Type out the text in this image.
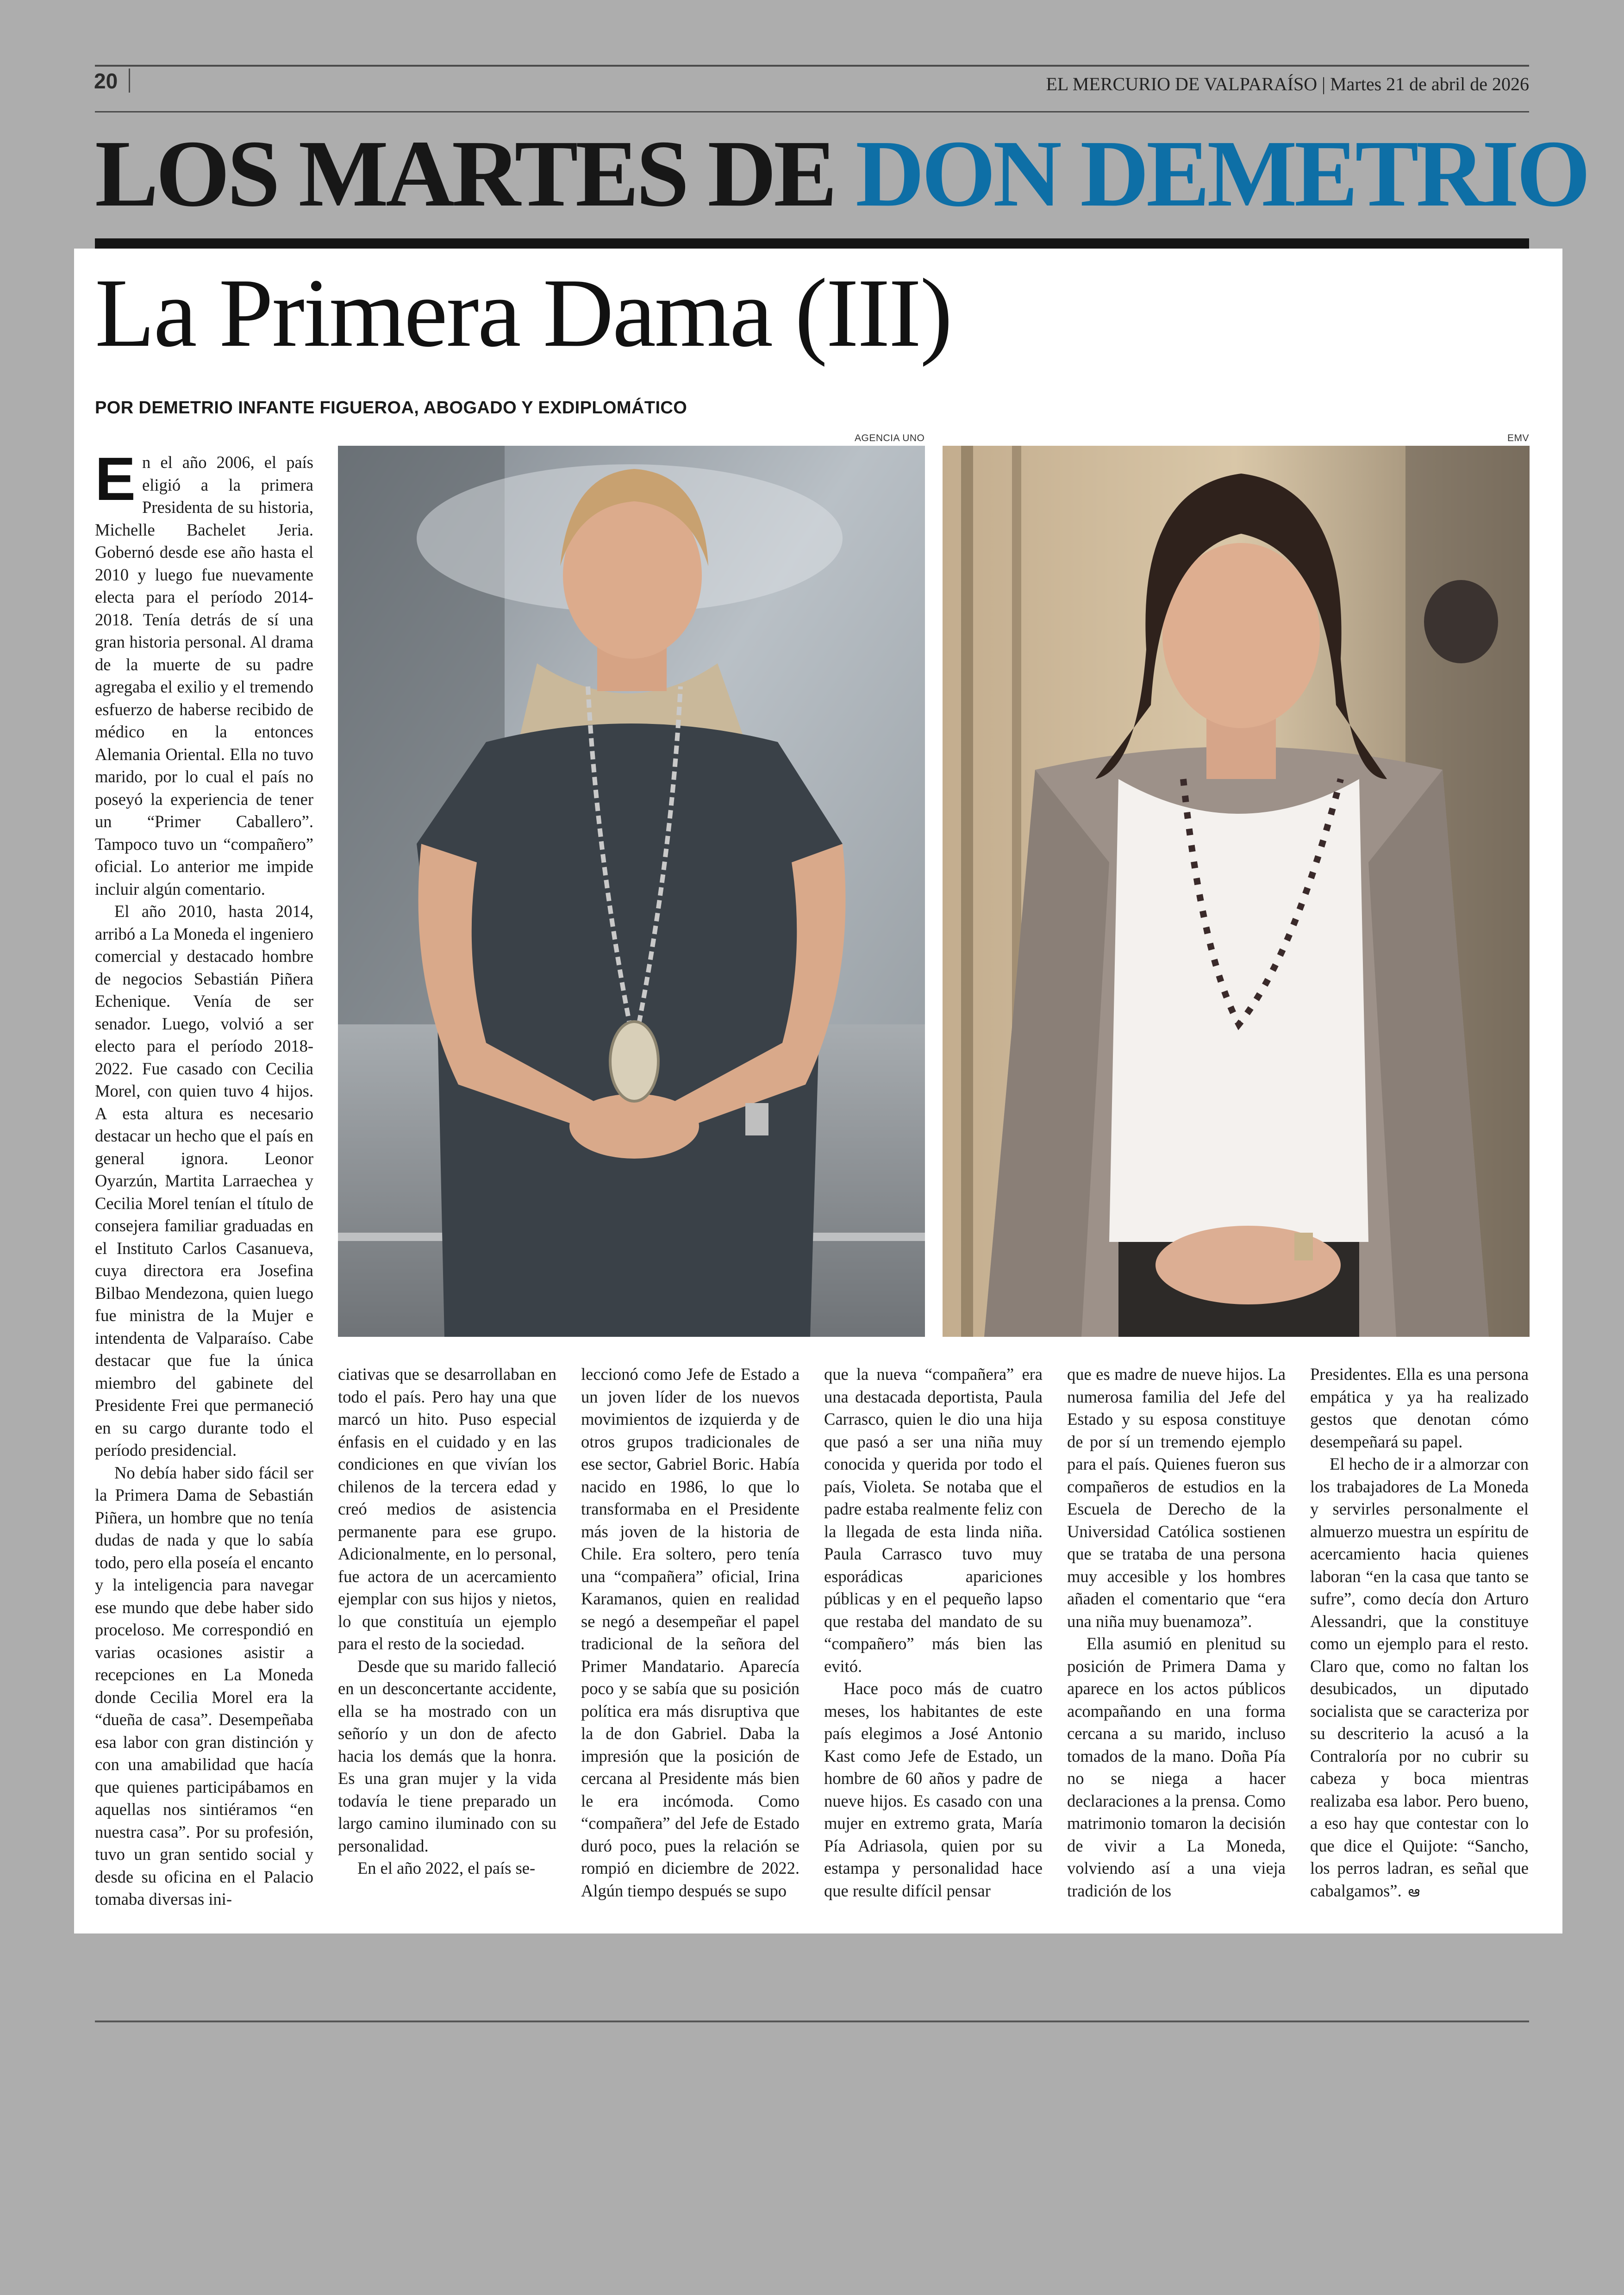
20	EL MERCURIO DE VALPARAÍSO | Martes 21 de abril de 2026
LOS MARTES DE DON DEMETRIO
La Primera Dama (III)
POR DEMETRIO INFANTE FIGUEROA, ABOGADO Y EXDIPLOMÁTICO
AGENCIA UNO	EMV

En el año 2006, el país eligió a la primera Presidenta de su historia, Michelle Bachelet Jeria. Gobernó desde ese año hasta el 2010 y luego fue nuevamente electa para el período 2014-2018. Tenía detrás de sí una gran historia personal. Al drama de la muerte de su padre agregaba el exilio y el tremendo esfuerzo de haberse recibido de médico en la entonces Alemania Oriental. Ella no tuvo marido, por lo cual el país no poseyó la experiencia de tener un “Primer Caballero”. Tampoco tuvo un “compañero” oficial. Lo anterior me impide incluir algún comentario.

El año 2010, hasta 2014, arribó a La Moneda el ingeniero comercial y destacado hombre de negocios Sebastián Piñera Echenique. Venía de ser senador. Luego, volvió a ser electo para el período 2018-2022. Fue casado con Cecilia Morel, con quien tuvo 4 hijos. A esta altura es necesario destacar un hecho que el país en general ignora. Leonor Oyarzún, Martita Larraechea y Cecilia Morel tenían el título de consejera familiar graduadas en el Instituto Carlos Casanueva, cuya directora era Josefina Bilbao Mendezona, quien luego fue ministra de la Mujer e intendenta de Valparaíso. Cabe destacar que fue la única miembro del gabinete del Presidente Frei que permaneció en su cargo durante todo el período presidencial.

No debía haber sido fácil ser la Primera Dama de Sebastián Piñera, un hombre que no tenía dudas de nada y que lo sabía todo, pero ella poseía el encanto y la inteligencia para navegar ese mundo que debe haber sido proceloso. Me correspondió en varias ocasiones asistir a recepciones en La Moneda donde Cecilia Morel era la “dueña de casa”. Desempeñaba esa labor con gran distinción y con una amabilidad que hacía que quienes participábamos en aquellas nos sintiéramos “en nuestra casa”. Por su profesión, tuvo un gran sentido social y desde su oficina en el Palacio tomaba diversas ini-

ciativas que se desarrollaban en todo el país. Pero hay una que marcó un hito. Puso especial énfasis en el cuidado y en las condiciones en que vivían los chilenos de la tercera edad y creó medios de asistencia permanente para ese grupo. Adicionalmente, en lo personal, fue actora de un acercamiento ejemplar con sus hijos y nietos, lo que constituía un ejemplo para el resto de la sociedad.

Desde que su marido falleció en un desconcertante accidente, ella se ha mostrado con un señorío y un don de afecto hacia los demás que la honra. Es una gran mujer y la vida todavía le tiene preparado un largo camino iluminado con su personalidad.

En el año 2022, el país se-

leccionó como Jefe de Estado a un joven líder de los nuevos movimientos de izquierda y de otros grupos tradicionales de ese sector, Gabriel Boric. Había nacido en 1986, lo que lo transformaba en el Presidente más joven de la historia de Chile. Era soltero, pero tenía una “compañera” oficial, Irina Karamanos, quien en realidad se negó a desempeñar el papel tradicional de la señora del Primer Mandatario. Aparecía poco y se sabía que su posición política era más disruptiva que la de don Gabriel. Daba la impresión que la posición de cercana al Presidente más bien le era incómoda. Como “compañera” del Jefe de Estado duró poco, pues la relación se rompió en diciembre de 2022. Algún tiempo después se supo

que la nueva “compañera” era una destacada deportista, Paula Carrasco, quien le dio una hija que pasó a ser una niña muy conocida y querida por todo el país, Violeta. Se notaba que el padre estaba realmente feliz con la llegada de esta linda niña. Paula Carrasco tuvo muy esporádicas apariciones públicas y en el pequeño lapso que restaba del mandato de su “compañero” más bien las evitó.

Hace poco más de cuatro meses, los habitantes de este país elegimos a José Antonio Kast como Jefe de Estado, un hombre de 60 años y padre de nueve hijos. Es casado con una mujer en extremo grata, María Pía Adriasola, quien por su estampa y personalidad hace que resulte difícil pensar

que es madre de nueve hijos. La numerosa familia del Jefe del Estado y su esposa constituye de por sí un tremendo ejemplo para el país. Quienes fueron sus compañeros de estudios en la Escuela de Derecho de la Universidad Católica sostienen que se trataba de una persona muy accesible y los hombres añaden el comentario que “era una niña muy buenamoza”.

Ella asumió en plenitud su posición de Primera Dama y aparece en los actos públicos acompañando en una forma cercana a su marido, incluso tomados de la mano. Doña Pía no se niega a hacer declaraciones a la prensa. Como matrimonio tomaron la decisión de vivir a La Moneda, volviendo así a una vieja tradición de los

Presidentes. Ella es una persona empática y ya ha realizado gestos que denotan cómo desempeñará su papel.

El hecho de ir a almorzar con los trabajadores de La Moneda y servirles personalmente el almuerzo muestra un espíritu de acercamiento hacia quienes laboran “en la casa que tanto se sufre”, como decía don Arturo Alessandri, que la constituye como un ejemplo para el resto. Claro que, como no faltan los desubicados, un diputado socialista que se caracteriza por su descriterio la acusó a la Contraloría por no cubrir su cabeza y boca mientras realizaba esa labor. Pero bueno, a eso hay que contestar con lo que dice el Quijote: “Sancho, los perros ladran, es señal que cabalgamos”. ఆ
